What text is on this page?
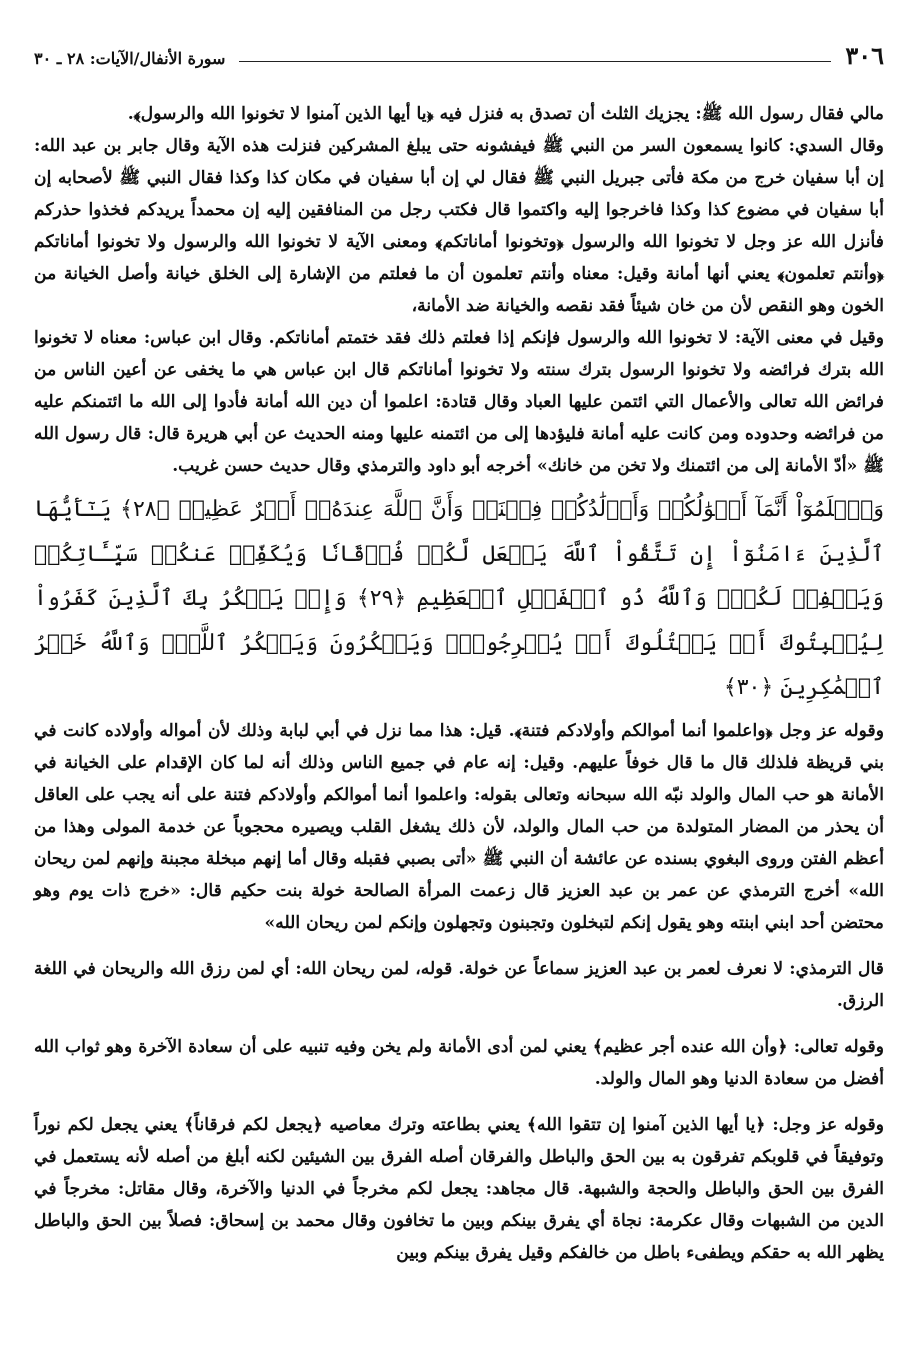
سورة الأنفال/الآيات: ٢٨ ـ ٣٠	٣٠٦

مالي فقال رسول الله ﷺ: يجزيك الثلث أن تصدق به فنزل فيه ﴿يا أيها الذين آمنوا لا تخونوا الله والرسول﴾.

وقال السدي: كانوا يسمعون السر من النبي ﷺ فيفشونه حتى يبلغ المشركين فنزلت هذه الآية وقال جابر بن عبد الله: إن أبا سفيان خرج من مكة فأتى جبريل النبي ﷺ فقال لي إن أبا سفيان في مكان كذا وكذا فقال النبي ﷺ لأصحابه إن أبا سفيان في مضوع كذا وكذا فاخرجوا إليه واكتموا قال فكتب رجل من المنافقين إليه إن محمداً يريدكم فخذوا حذركم فأنزل الله عز وجل لا تخونوا الله والرسول ﴿وتخونوا أماناتكم﴾ ومعنى الآية لا تخونوا الله والرسول ولا تخونوا أماناتكم ﴿وأنتم تعلمون﴾ يعني أنها أمانة وقيل: معناه وأنتم تعلمون أن ما فعلتم من الإشارة إلى الخلق خيانة وأصل الخيانة من الخون وهو النقص لأن من خان شيئاً فقد نقصه والخيانة ضد الأمانة،

وقيل في معنى الآية: لا تخونوا الله والرسول فإنكم إذا فعلتم ذلك فقد ختمتم أماناتكم. وقال ابن عباس: معناه لا تخونوا الله بترك فرائضه ولا تخونوا الرسول بترك سنته ولا تخونوا أماناتكم قال ابن عباس هي ما يخفى عن أعين الناس من فرائض الله تعالى والأعمال التي ائتمن عليها العباد وقال قتادة: اعلموا أن دين الله أمانة فأدوا إلى الله ما ائتمنكم عليه من فرائضه وحدوده ومن كانت عليه أمانة فليؤدها إلى من ائتمنه عليها ومنه الحديث عن أبي هريرة قال: قال رسول الله ﷺ «أدّ الأمانة إلى من ائتمنك ولا تخن من خانك» أخرجه أبو داود والترمذي وقال حديث حسن غريب.

وَٱعۡلَمُوٓاْ أَنَّمَآ أَمۡوَٰلُكُمۡ وَأَوۡلَٰدُكُمۡ فِتۡنَةٞ وَأَنَّ ٱللَّهَ عِندَهُۥٓ أَجۡرٌ عَظِيمٞ ﴿٢٨﴾ يَـٰٓأَيُّهَا ٱلَّذِينَ ءَامَنُوٓاْ إِن تَتَّقُواْ ٱللَّهَ يَجۡعَل لَّكُمۡ فُرۡقَانٗا وَيُكَفِّرۡ عَنكُمۡ سَيِّـَٔاتِكُمۡ وَيَغۡفِرۡ لَكُمۡۗ وَٱللَّهُ ذُو ٱلۡفَضۡلِ ٱلۡعَظِيمِ ﴿٢٩﴾ وَإِذۡ يَمۡكُرُ بِكَ ٱلَّذِينَ كَفَرُواْ لِيُثۡبِتُوكَ أَوۡ يَقۡتُلُوكَ أَوۡ يُخۡرِجُوكَۚ وَيَمۡكُرُونَ وَيَمۡكُرُ ٱللَّهُۖ وَٱللَّهُ خَيۡرُ ٱلۡمَٰكِرِينَ ﴿٣٠﴾

وقوله عز وجل ﴿واعلموا أنما أموالكم وأولادكم فتنة﴾. قيل: هذا مما نزل في أبي لبابة وذلك لأن أمواله وأولاده كانت في بني قريظة فلذلك قال ما قال خوفاً عليهم. وقيل: إنه عام في جميع الناس وذلك أنه لما كان الإقدام على الخيانة في الأمانة هو حب المال والولد نبّه الله سبحانه وتعالى بقوله: واعلموا أنما أموالكم وأولادكم فتنة على أنه يجب على العاقل أن يحذر من المضار المتولدة من حب المال والولد، لأن ذلك يشغل القلب ويصيره محجوباً عن خدمة المولى وهذا من أعظم الفتن وروى البغوي بسنده عن عائشة أن النبي ﷺ «أتى بصبي فقبله وقال أما إنهم مبخلة مجبنة وإنهم لمن ريحان الله» أخرج الترمذي عن عمر بن عبد العزيز قال زعمت المرأة الصالحة خولة بنت حكيم قال: «خرج ذات يوم وهو محتضن أحد ابني ابنته وهو يقول إنكم لتبخلون وتجبنون وتجهلون وإنكم لمن ريحان الله»

قال الترمذي: لا نعرف لعمر بن عبد العزيز سماعاً عن خولة. قوله، لمن ريحان الله: أي لمن رزق الله والريحان في اللغة الرزق.

وقوله تعالى: ﴿وأن الله عنده أجر عظيم﴾ يعني لمن أدى الأمانة ولم يخن وفيه تنبيه على أن سعادة الآخرة وهو ثواب الله أفضل من سعادة الدنيا وهو المال والولد.

وقوله عز وجل: ﴿يا أيها الذين آمنوا إن تتقوا الله﴾ يعني بطاعته وترك معاصيه ﴿يجعل لكم فرقاناً﴾ يعني يجعل لكم نوراً وتوفيقاً في قلوبكم تفرقون به بين الحق والباطل والفرقان أصله الفرق بين الشيئين لكنه أبلغ من أصله لأنه يستعمل في الفرق بين الحق والباطل والحجة والشبهة. قال مجاهد: يجعل لكم مخرجاً في الدنيا والآخرة، وقال مقاتل: مخرجاً في الدين من الشبهات وقال عكرمة: نجاة أي يفرق بينكم وبين ما تخافون وقال محمد بن إسحاق: فصلاً بين الحق والباطل يظهر الله به حقكم ويطفىء باطل من خالفكم وقيل يفرق بينكم وبين
